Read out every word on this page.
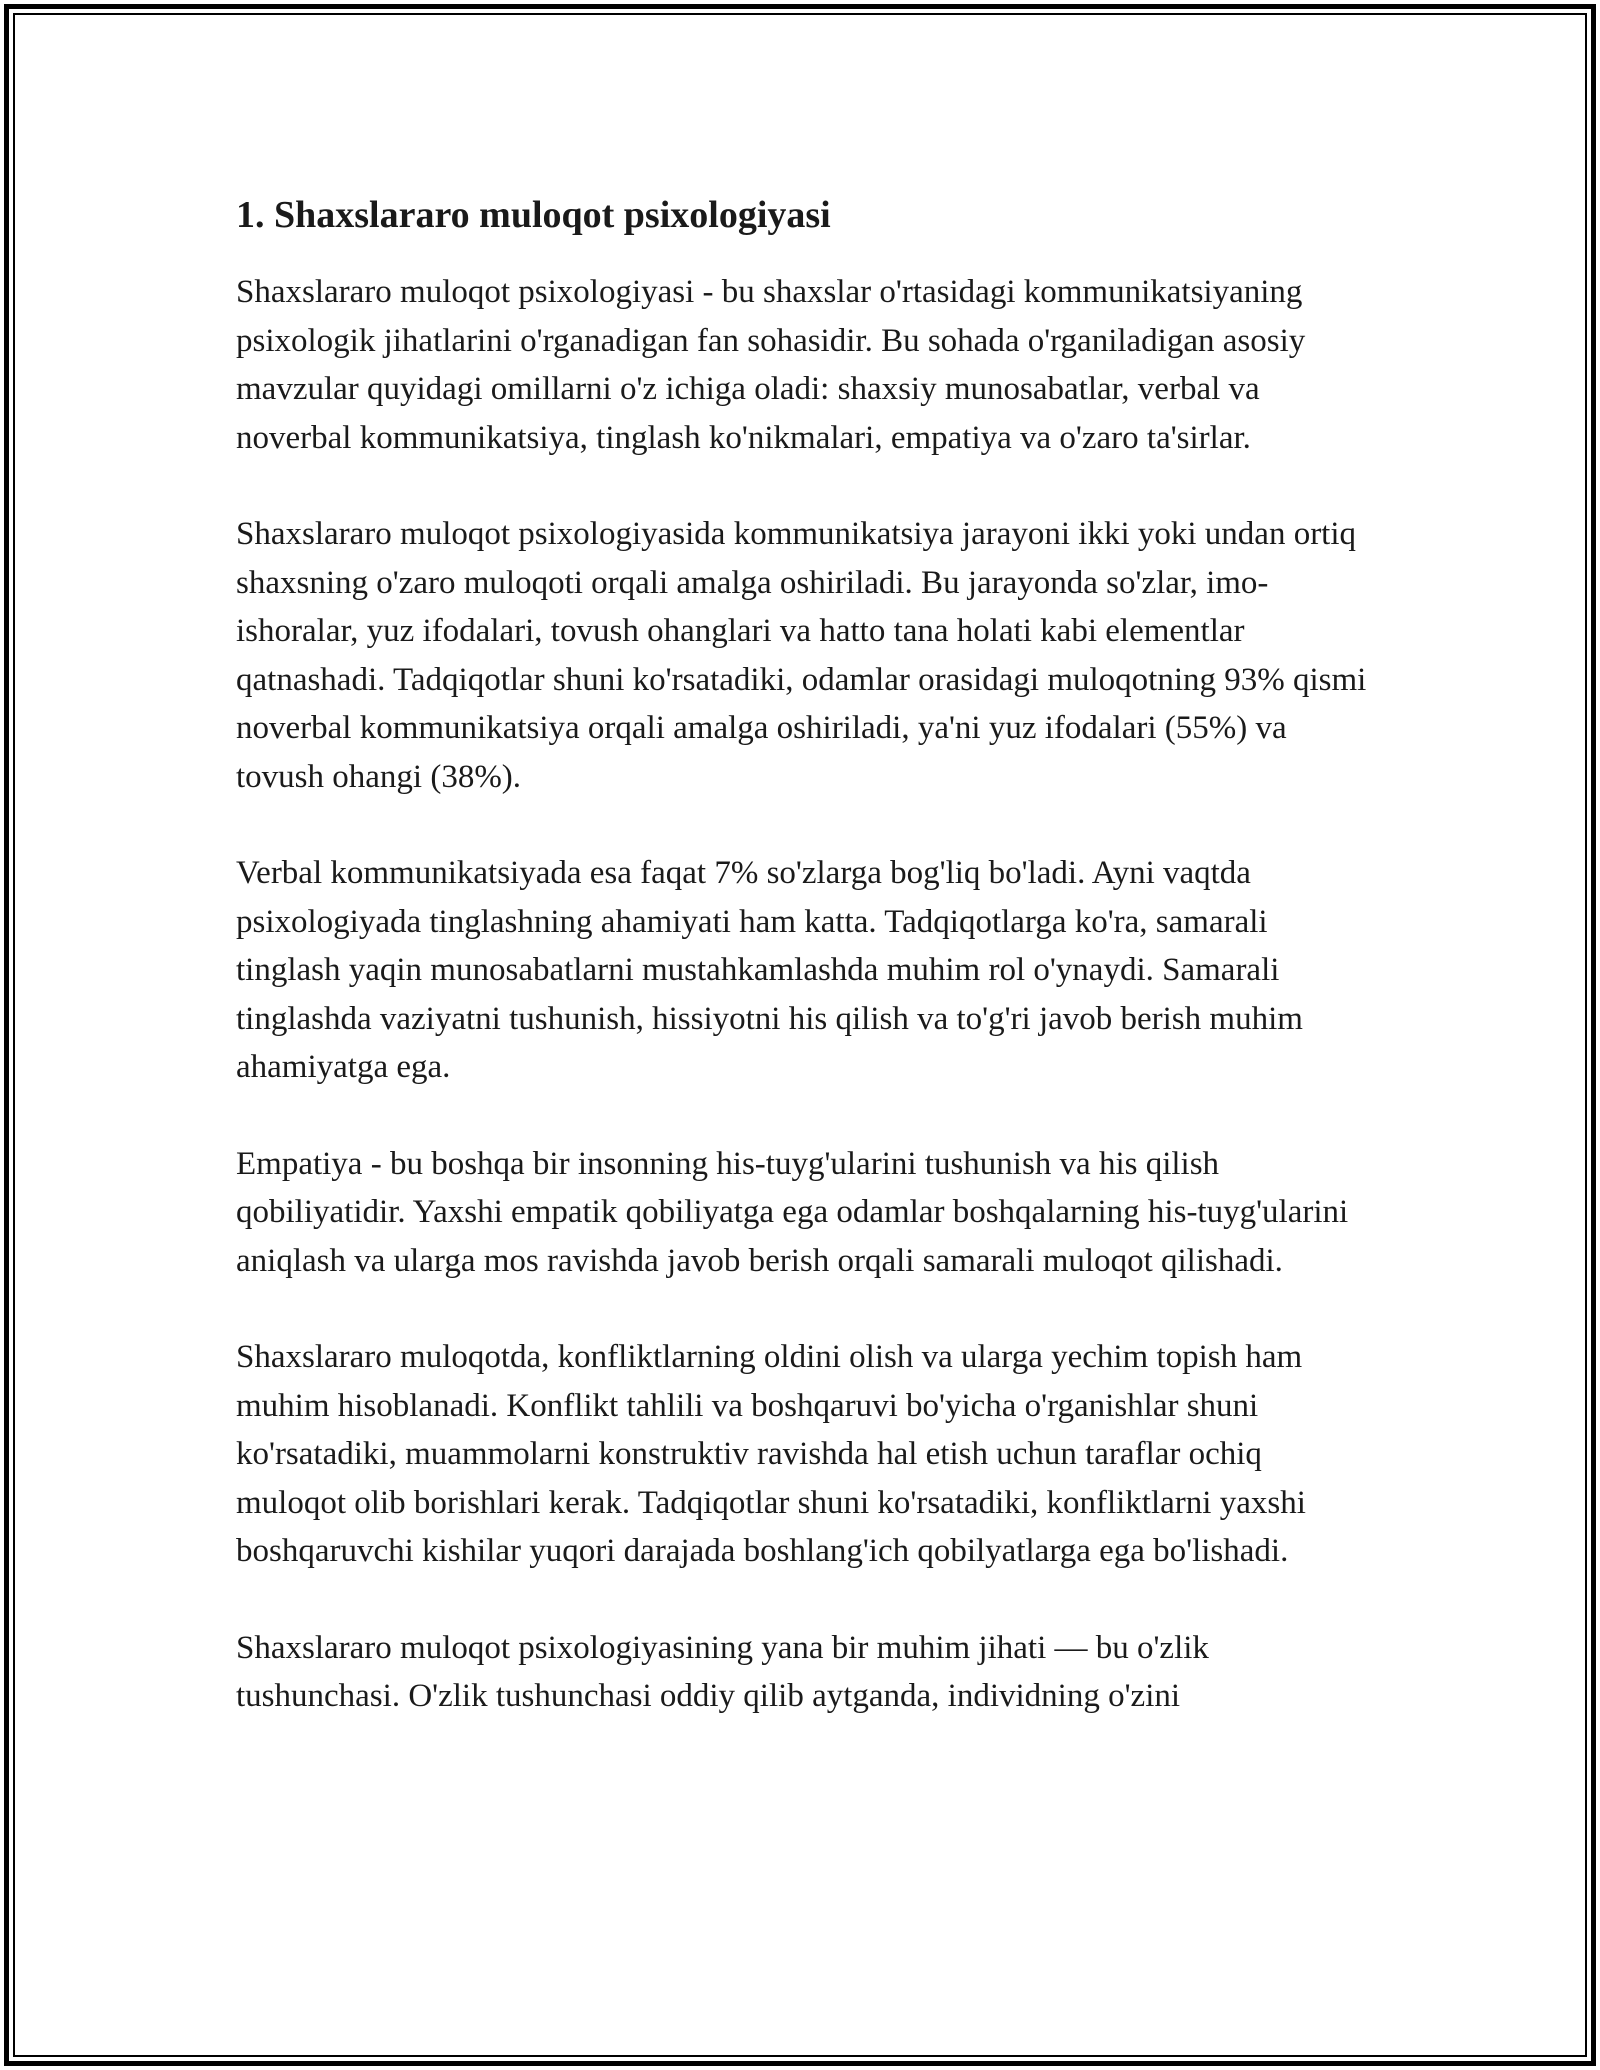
1. Shaxslararo muloqot psixologiyasi

Shaxslararo muloqot psixologiyasi - bu shaxslar o'rtasidagi kommunikatsiyaning psixologik jihatlarini o'rganadigan fan sohasidir. Bu sohada o'rganiladigan asosiy mavzular quyidagi omillarni o'z ichiga oladi: shaxsiy munosabatlar, verbal va noverbal kommunikatsiya, tinglash ko'nikmalari, empatiya va o'zaro ta'sirlar.

Shaxslararo muloqot psixologiyasida kommunikatsiya jarayoni ikki yoki undan ortiq shaxsning o'zaro muloqoti orqali amalga oshiriladi. Bu jarayonda so'zlar, imo-ishoralar, yuz ifodalari, tovush ohanglari va hatto tana holati kabi elementlar qatnashadi. Tadqiqotlar shuni ko'rsatadiki, odamlar orasidagi muloqotning 93% qismi noverbal kommunikatsiya orqali amalga oshiriladi, ya'ni yuz ifodalari (55%) va tovush ohangi (38%).

Verbal kommunikatsiyada esa faqat 7% so'zlarga bog'liq bo'ladi. Ayni vaqtda psixologiyada tinglashning ahamiyati ham katta. Tadqiqotlarga ko'ra, samarali tinglash yaqin munosabatlarni mustahkamlashda muhim rol o'ynaydi. Samarali tinglashda vaziyatni tushunish, hissiyotni his qilish va to'g'ri javob berish muhim ahamiyatga ega.

Empatiya - bu boshqa bir insonning his-tuyg'ularini tushunish va his qilish qobiliyatidir. Yaxshi empatik qobiliyatga ega odamlar boshqalarning his-tuyg'ularini aniqlash va ularga mos ravishda javob berish orqali samarali muloqot qilishadi.

Shaxslararo muloqotda, konfliktlarning oldini olish va ularga yechim topish ham muhim hisoblanadi. Konflikt tahlili va boshqaruvi bo'yicha o'rganishlar shuni ko'rsatadiki, muammolarni konstruktiv ravishda hal etish uchun taraflar ochiq muloqot olib borishlari kerak. Tadqiqotlar shuni ko'rsatadiki, konfliktlarni yaxshi boshqaruvchi kishilar yuqori darajada boshlang'ich qobilyatlarga ega bo'lishadi.

Shaxslararo muloqot psixologiyasining yana bir muhim jihati — bu o'zlik tushunchasi. O'zlik tushunchasi oddiy qilib aytganda, individning o'zini
